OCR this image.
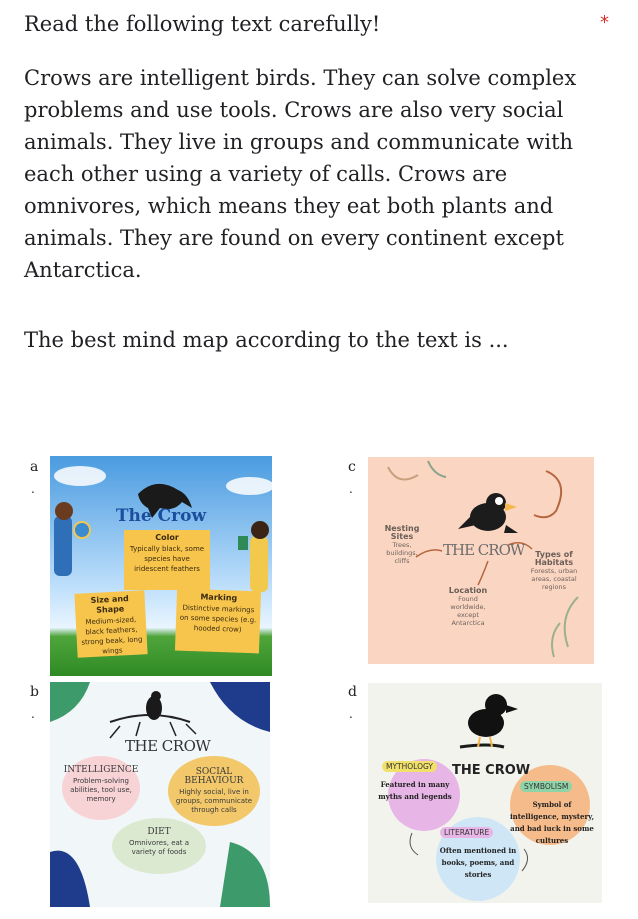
Read the following text carefully!	*
Crows are intelligent birds. They can solve complex problems and use tools. Crows are also very social animals. They live in groups and communicate with each other using a variety of calls. Crows are omnivores, which means they eat both plants and animals. They are found on every continent except Antarctica.
The best mind map according to the text is ...
a
.
The Crow
Color
Typically black, some species have iridescent feathers
Size and Shape
Medium-sized, black feathers, strong beak, long wings
Marking
Distinctive markings on some species (e.g. hooded crow)
c
.
THE CROW
Nesting Sites
Trees, buildings, cliffs
Types of Habitats
Forests, urban areas, coastal regions
Location
Found worldwide, except Antarctica
b
.
THE CROW
INTELLIGENCE
Problem-solving abilities, tool use, memory
SOCIAL BEHAVIOUR
Highly social, live in groups, communicate through calls
DIET
Omnivores, eat a variety of foods
d
.
THE CROW
MYTHOLOGY
Featured in many myths and legends
SYMBOLISM
Symbol of intelligence, mystery, and bad luck in some cultures
LITERATURE
Often mentioned in books, poems, and stories
